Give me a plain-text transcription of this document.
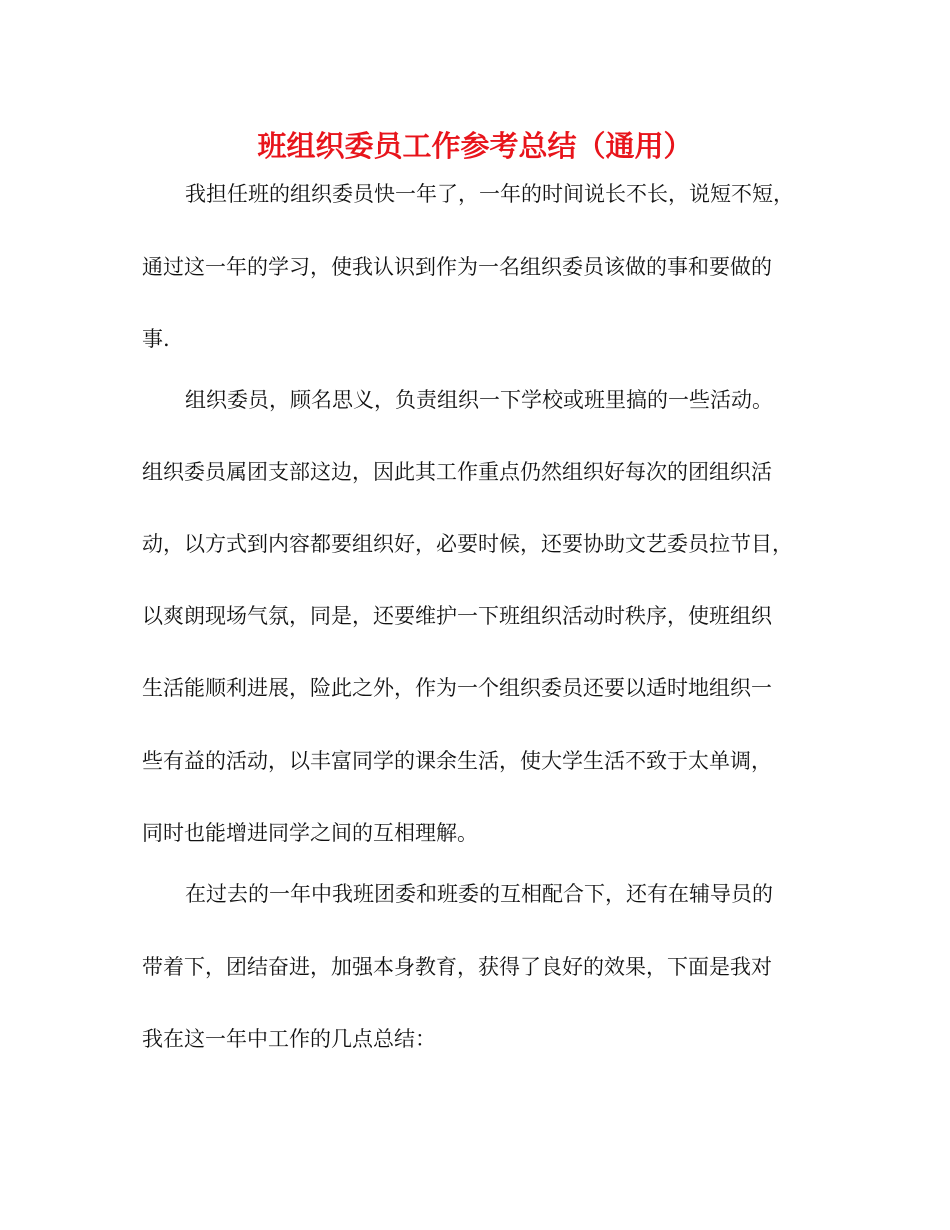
班组织委员工作参考总结（通用）
我担任班的组织委员快一年了，一年的时间说长不长，说短不短，
通过这一年的学习，使我认识到作为一名组织委员该做的事和要做的
事.
组织委员，顾名思义，负责组织一下学校或班里搞的一些活动。
组织委员属团支部这边，因此其工作重点仍然组织好每次的团组织活
动，以方式到内容都要组织好，必要时候，还要协助文艺委员拉节目，
以爽朗现场气氛，同是，还要维护一下班组织活动时秩序，使班组织
生活能顺利进展，险此之外，作为一个组织委员还要以适时地组织一
些有益的活动，以丰富同学的课余生活，使大学生活不致于太单调，
同时也能增进同学之间的互相理解。
在过去的一年中我班团委和班委的互相配合下，还有在辅导员的
带着下，团结奋进，加强本身教育，获得了良好的效果，下面是我对
我在这一年中工作的几点总结：
